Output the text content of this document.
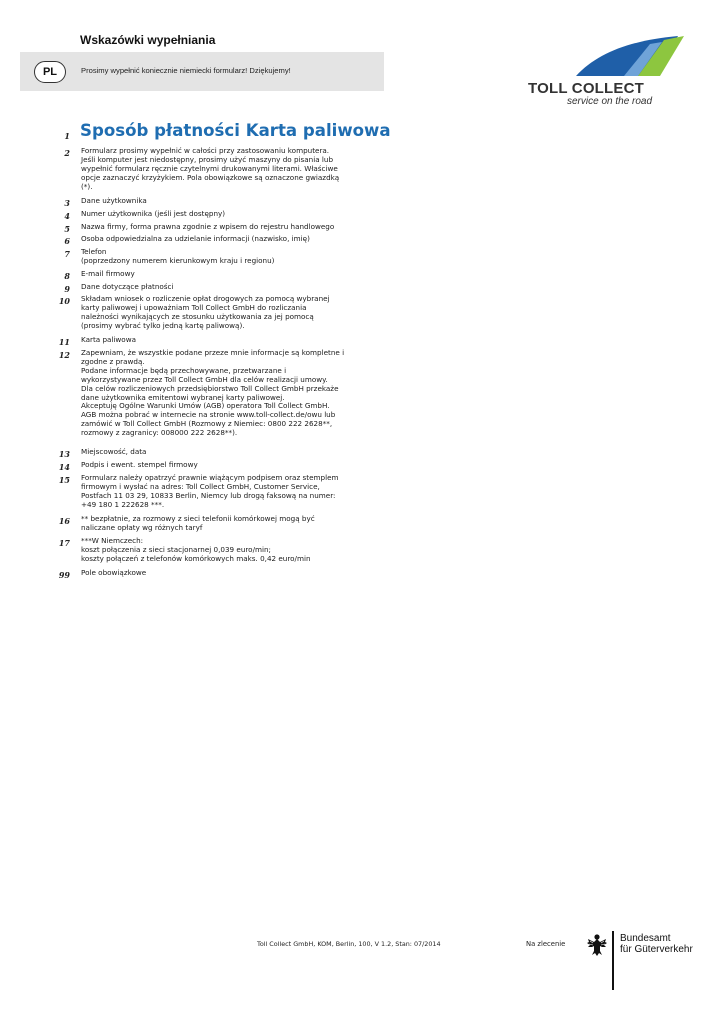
Wskazówki wypełniania
PL	Prosimy wypełnić koniecznie niemiecki formularz! Dziękujemy!
TOLL COLLECT
service on the road
1 Sposób płatności Karta paliwowa
2 Formularz prosimy wypełnić w całości przy zastosowaniu komputera.
Jeśli komputer jest niedostępny, prosimy użyć maszyny do pisania lub
wypełnić formularz ręcznie czytelnymi drukowanymi literami. Właściwe
opcje zaznaczyć krzyżykiem. Pola obowiązkowe są oznaczone gwiazdką
(*).
3 Dane użytkownika
4 Numer użytkownika (jeśli jest dostępny)
5 Nazwa firmy, forma prawna zgodnie z wpisem do rejestru handlowego
6 Osoba odpowiedzialna za udzielanie informacji (nazwisko, imię)
7 Telefon
(poprzedzony numerem kierunkowym kraju i regionu)
8 E-mail firmowy
9 Dane dotyczące płatności
10 Składam wniosek o rozliczenie opłat drogowych za pomocą wybranej
karty paliwowej i upoważniam Toll Collect GmbH do rozliczania
należności wynikających ze stosunku użytkowania za jej pomocą
(prosimy wybrać tylko jedną kartę paliwową).
11 Karta paliwowa
12 Zapewniam, że wszystkie podane przeze mnie informacje są kompletne i
zgodne z prawdą.
Podane informacje będą przechowywane, przetwarzane i
wykorzystywane przez Toll Collect GmbH dla celów realizacji umowy.
Dla celów rozliczeniowych przedsiębiorstwo Toll Collect GmbH przekaże
dane użytkownika emitentowi wybranej karty paliwowej.
Akceptuję Ogólne Warunki Umów (AGB) operatora Toll Collect GmbH.
AGB można pobrać w internecie na stronie www.toll-collect.de/owu lub
zamówić w Toll Collect GmbH (Rozmowy z Niemiec: 0800 222 2628**,
rozmowy z zagranicy: 008000 222 2628**).
13 Miejscowość, data
14 Podpis i ewent. stempel firmowy
15 Formularz należy opatrzyć prawnie wiążącym podpisem oraz stemplem
firmowym i wysłać na adres: Toll Collect GmbH, Customer Service,
Postfach 11 03 29, 10833 Berlin, Niemcy lub drogą faksową na numer:
+49 180 1 222628 ***.
16 ** bezpłatnie, za rozmowy z sieci telefonii komórkowej mogą być
naliczane opłaty wg różnych taryf
17 ***W Niemczech:
koszt połączenia z sieci stacjonarnej 0,039 euro/min;
koszty połączeń z telefonów komórkowych maks. 0,42 euro/min
99 Pole obowiązkowe
Toll Collect GmbH, KOM, Berlin, 100, V 1.2, Stan: 07/2014	Na zlecenie	Bundesamt
für Güterverkehr
